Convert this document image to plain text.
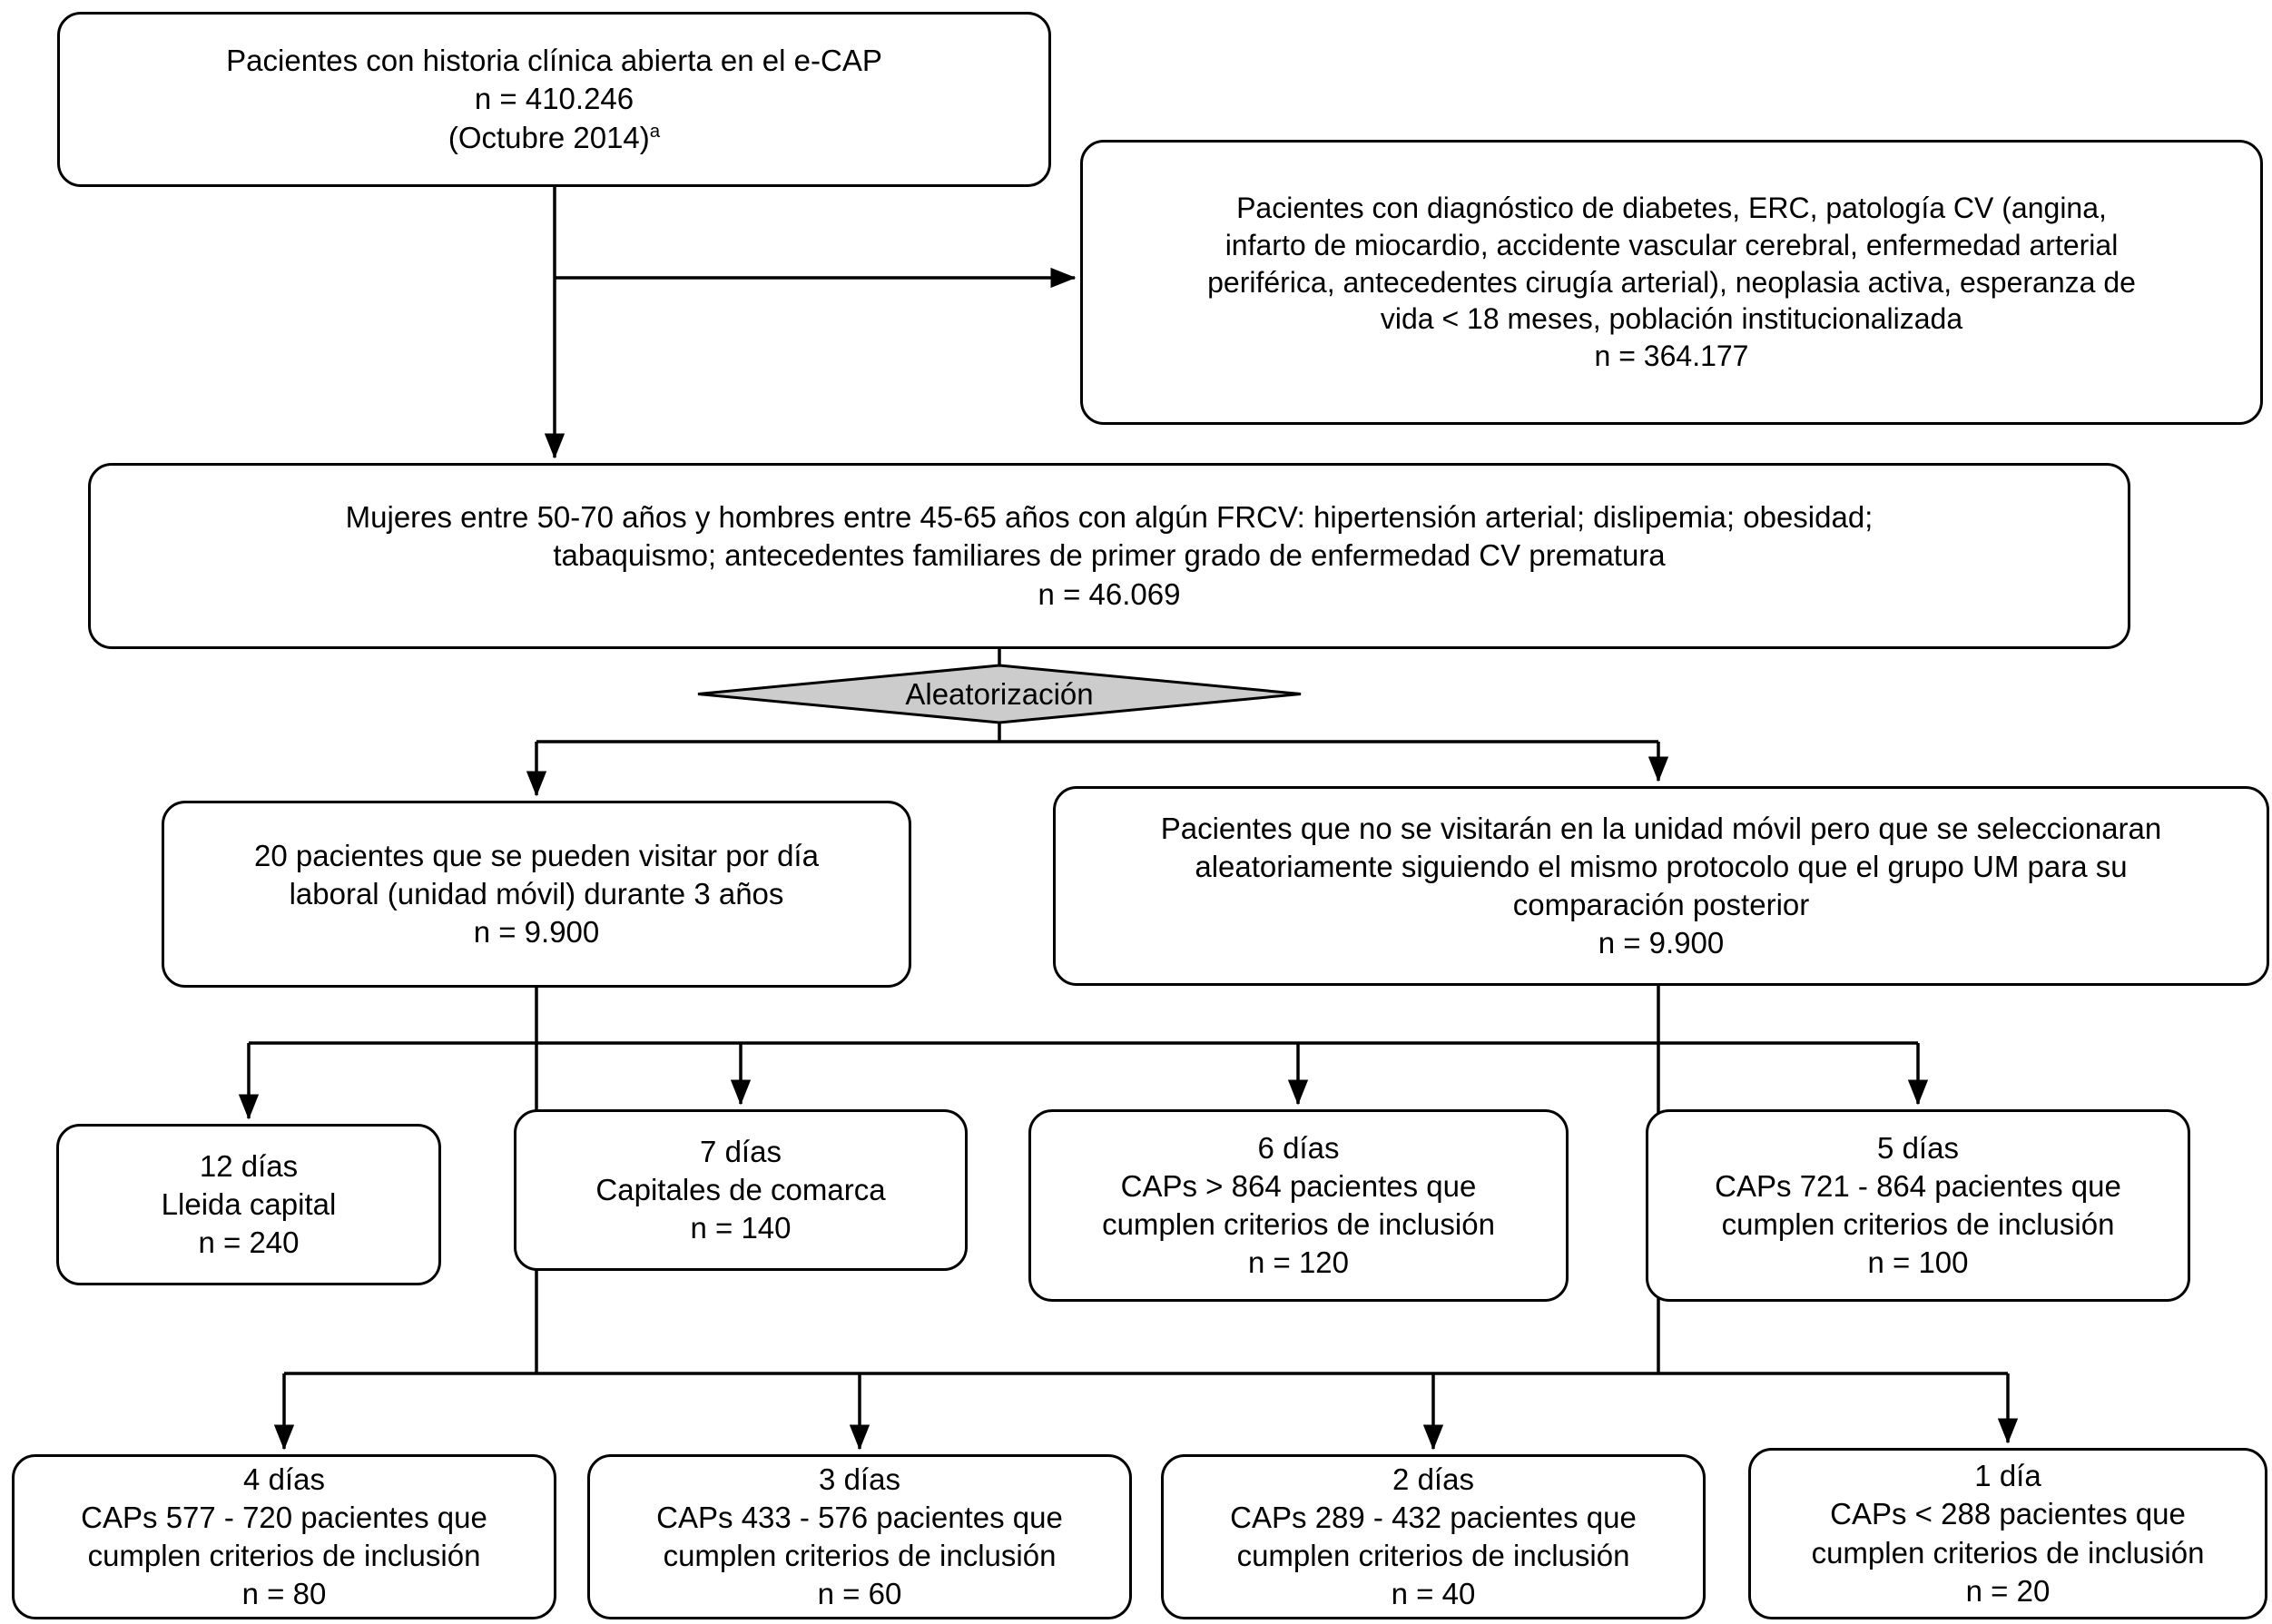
Pacientes con historia clínica abierta en el e-CAP
n = 410.246
(Octubre 2014)$^a$
Pacientes con diagnóstico de diabetes, ERC, patología CV (angina,
infarto de miocardio, accidente vascular cerebral, enfermedad arterial
periférica, antecedentes cirugía arterial), neoplasia activa, esperanza de
vida < 18 meses, población institucionalizada
n = 364.177
Mujeres entre 50-70 años y hombres entre 45-65 años con algún FRCV: hipertensión arterial; dislipemia; obesidad;
tabaquismo; antecedentes familiares de primer grado de enfermedad CV prematura
n = 46.069
Aleatorización
20 pacientes que se pueden visitar por día
laboral (unidad móvil) durante 3 años
n = 9.900
Pacientes que no se visitarán en la unidad móvil pero que se seleccionaran
aleatoriamente siguiendo el mismo protocolo que el grupo UM para su
comparación posterior
n = 9.900
12 días
Lleida capital
n = 240
7 días
Capitales de comarca
n = 140
6 días
CAPs > 864 pacientes que
cumplen criterios de inclusión
n = 120
5 días
CAPs 721 - 864 pacientes que
cumplen criterios de inclusión
n = 100
4 días
CAPs 577 - 720 pacientes que
cumplen criterios de inclusión
n = 80
3 días
CAPs 433 - 576 pacientes que
cumplen criterios de inclusión
n = 60
2 días
CAPs 289 - 432 pacientes que
cumplen criterios de inclusión
n = 40
1 día
CAPs < 288 pacientes que
cumplen criterios de inclusión
n = 20
